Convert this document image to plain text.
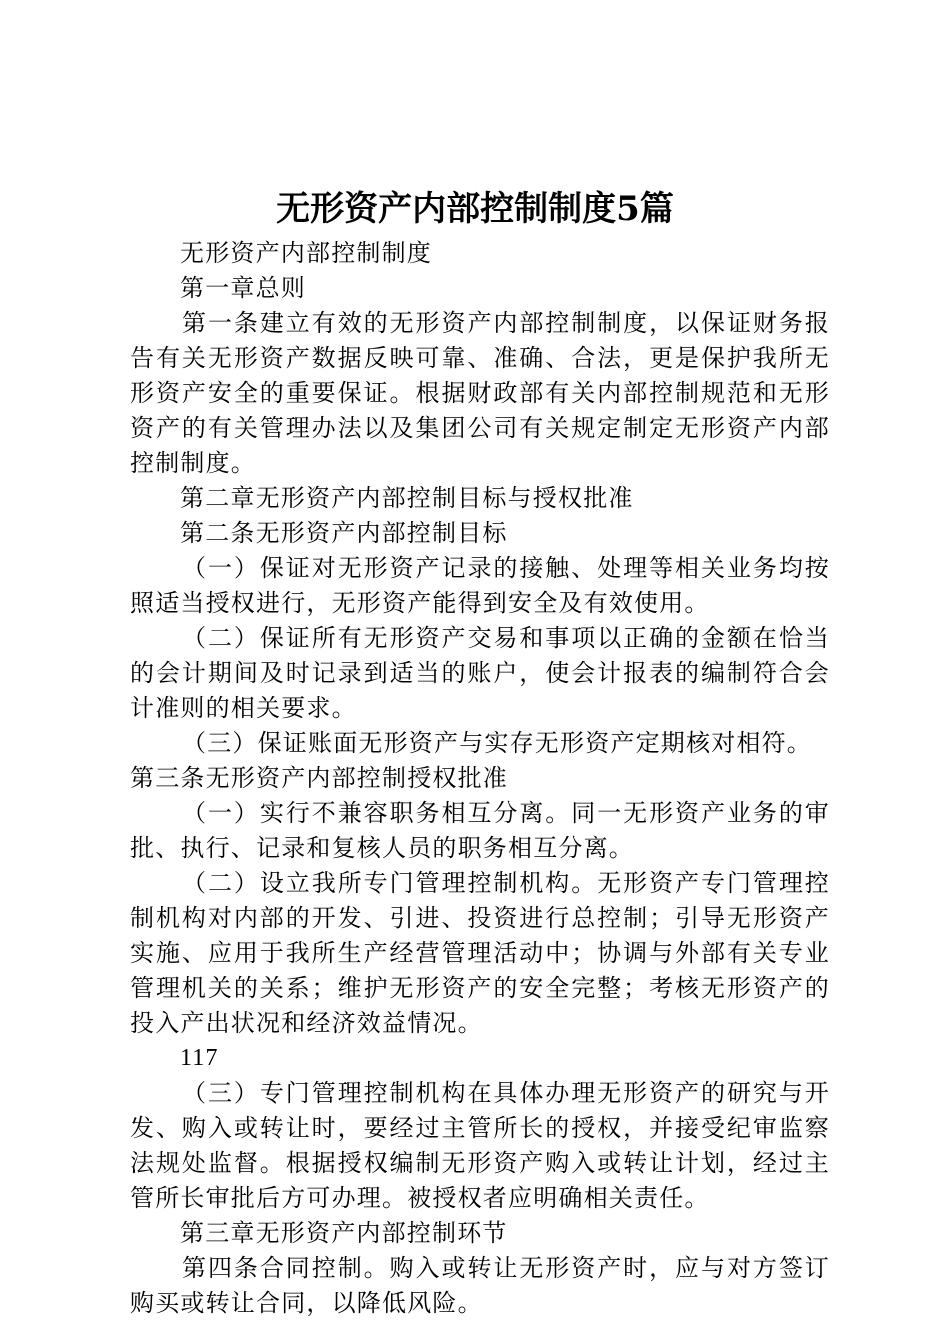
无形资产内部控制制度5篇

无形资产内部控制制度

第一章总则

第一条建立有效的无形资产内部控制制度，以保证财务报告有关无形资产数据反映可靠、准确、合法，更是保护我所无形资产安全的重要保证。根据财政部有关内部控制规范和无形资产的有关管理办法以及集团公司有关规定制定无形资产内部控制制度。

第二章无形资产内部控制目标与授权批准

第二条无形资产内部控制目标

（一）保证对无形资产记录的接触、处理等相关业务均按照适当授权进行，无形资产能得到安全及有效使用。

（二）保证所有无形资产交易和事项以正确的金额在恰当的会计期间及时记录到适当的账户，使会计报表的编制符合会计准则的相关要求。

（三）保证账面无形资产与实存无形资产定期核对相符。

第三条无形资产内部控制授权批准

（一）实行不兼容职务相互分离。同一无形资产业务的审批、执行、记录和复核人员的职务相互分离。

（二）设立我所专门管理控制机构。无形资产专门管理控制机构对内部的开发、引进、投资进行总控制；引导无形资产实施、应用于我所生产经营管理活动中；协调与外部有关专业管理机关的关系；维护无形资产的安全完整；考核无形资产的投入产出状况和经济效益情况。

117

（三）专门管理控制机构在具体办理无形资产的研究与开发、购入或转让时，要经过主管所长的授权，并接受纪审监察法规处监督。根据授权编制无形资产购入或转让计划，经过主管所长审批后方可办理。被授权者应明确相关责任。

第三章无形资产内部控制环节

第四条合同控制。购入或转让无形资产时，应与对方签订购买或转让合同，以降低风险。
